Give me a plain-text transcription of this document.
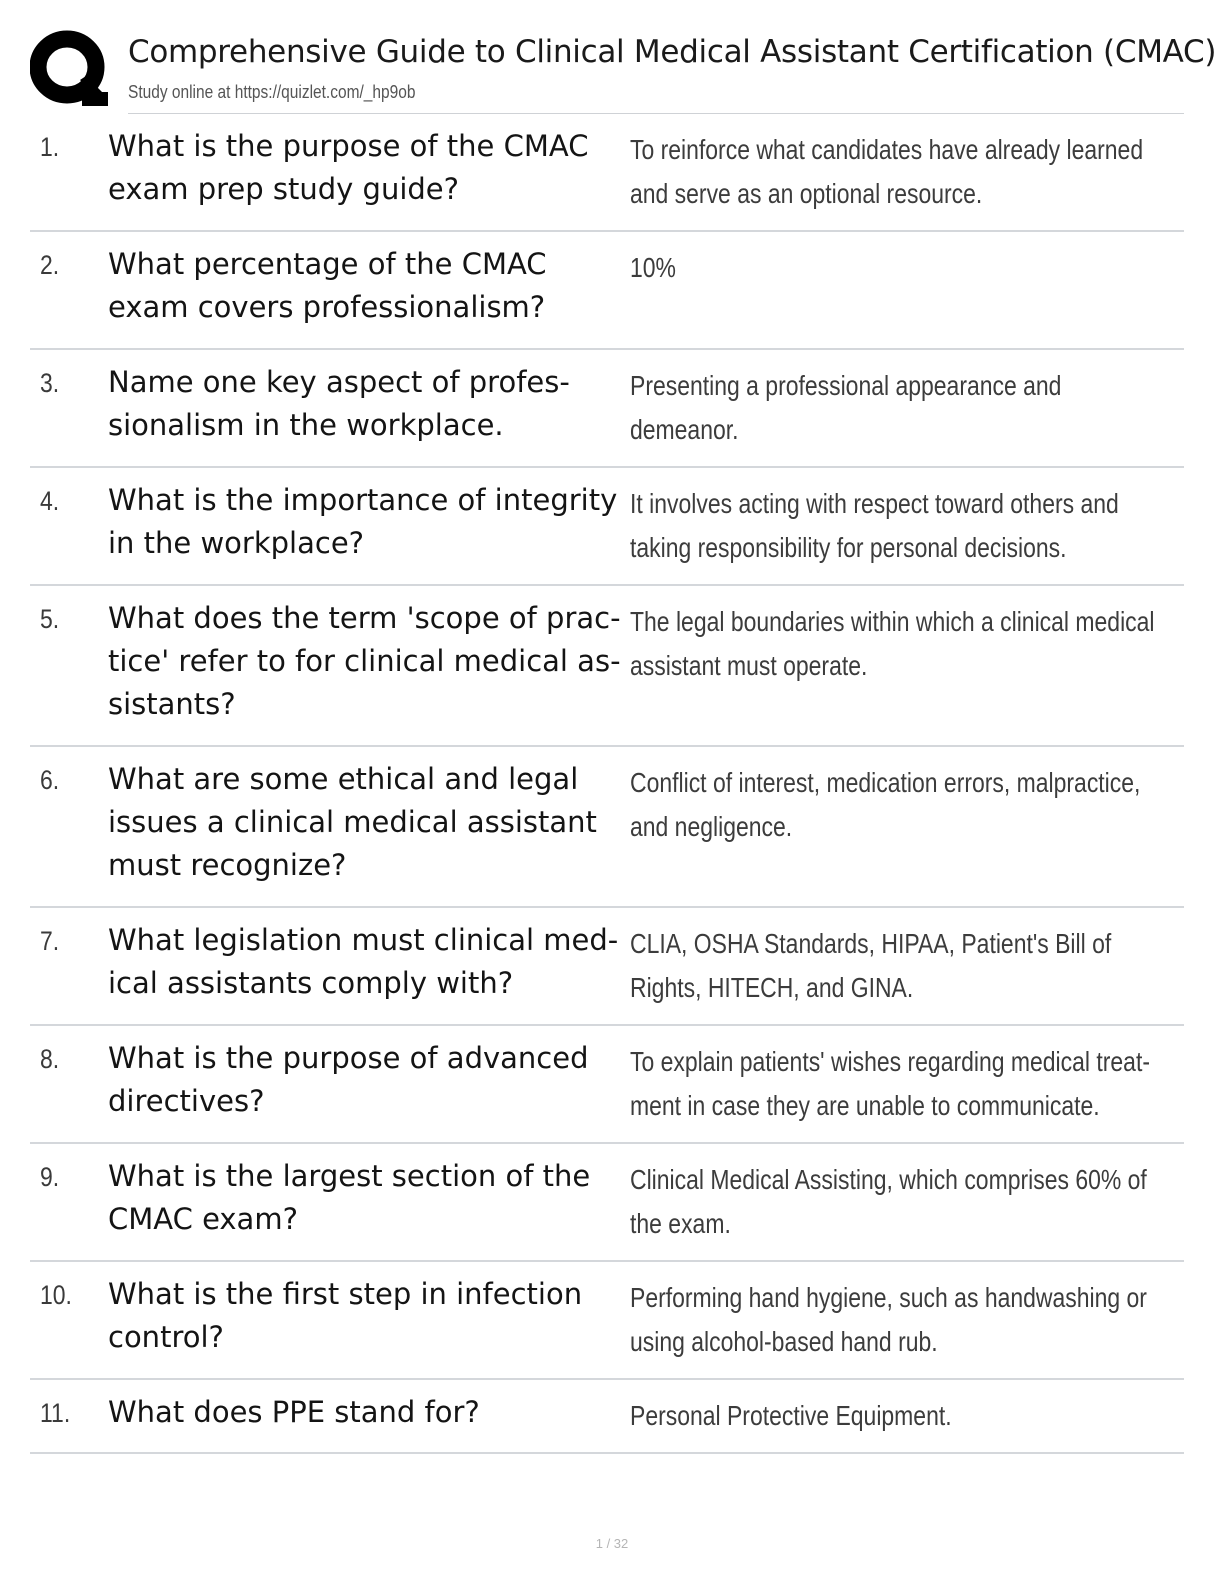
Comprehensive Guide to Clinical Medical Assistant Certification (CMAC)
Study online at https://quizlet.com/_hp9ob
1. What is the purpose of the CMAC exam prep study guide?
To reinforce what candidates have already learned and serve as an optional resource.
2. What percentage of the CMAC exam covers professionalism?
10%
3. Name one key aspect of profes-sionalism in the workplace.
Presenting a professional appearance and demeanor.
4. What is the importance of integrity in the workplace?
It involves acting with respect toward others and taking responsibility for personal decisions.
5. What does the term 'scope of prac-tice' refer to for clinical medical as-sistants?
The legal boundaries within which a clinical medical assistant must operate.
6. What are some ethical and legal issues a clinical medical assistant must recognize?
Conflict of interest, medication errors, malpractice, and negligence.
7. What legislation must clinical med-ical assistants comply with?
CLIA, OSHA Standards, HIPAA, Patient's Bill of Rights, HITECH, and GINA.
8. What is the purpose of advanced directives?
To explain patients' wishes regarding medical treat-ment in case they are unable to communicate.
9. What is the largest section of the CMAC exam?
Clinical Medical Assisting, which comprises 60% of the exam.
10. What is the first step in infection control?
Performing hand hygiene, such as handwashing or using alcohol-based hand rub.
11. What does PPE stand for?	Personal Protective Equipment.
1 / 32
